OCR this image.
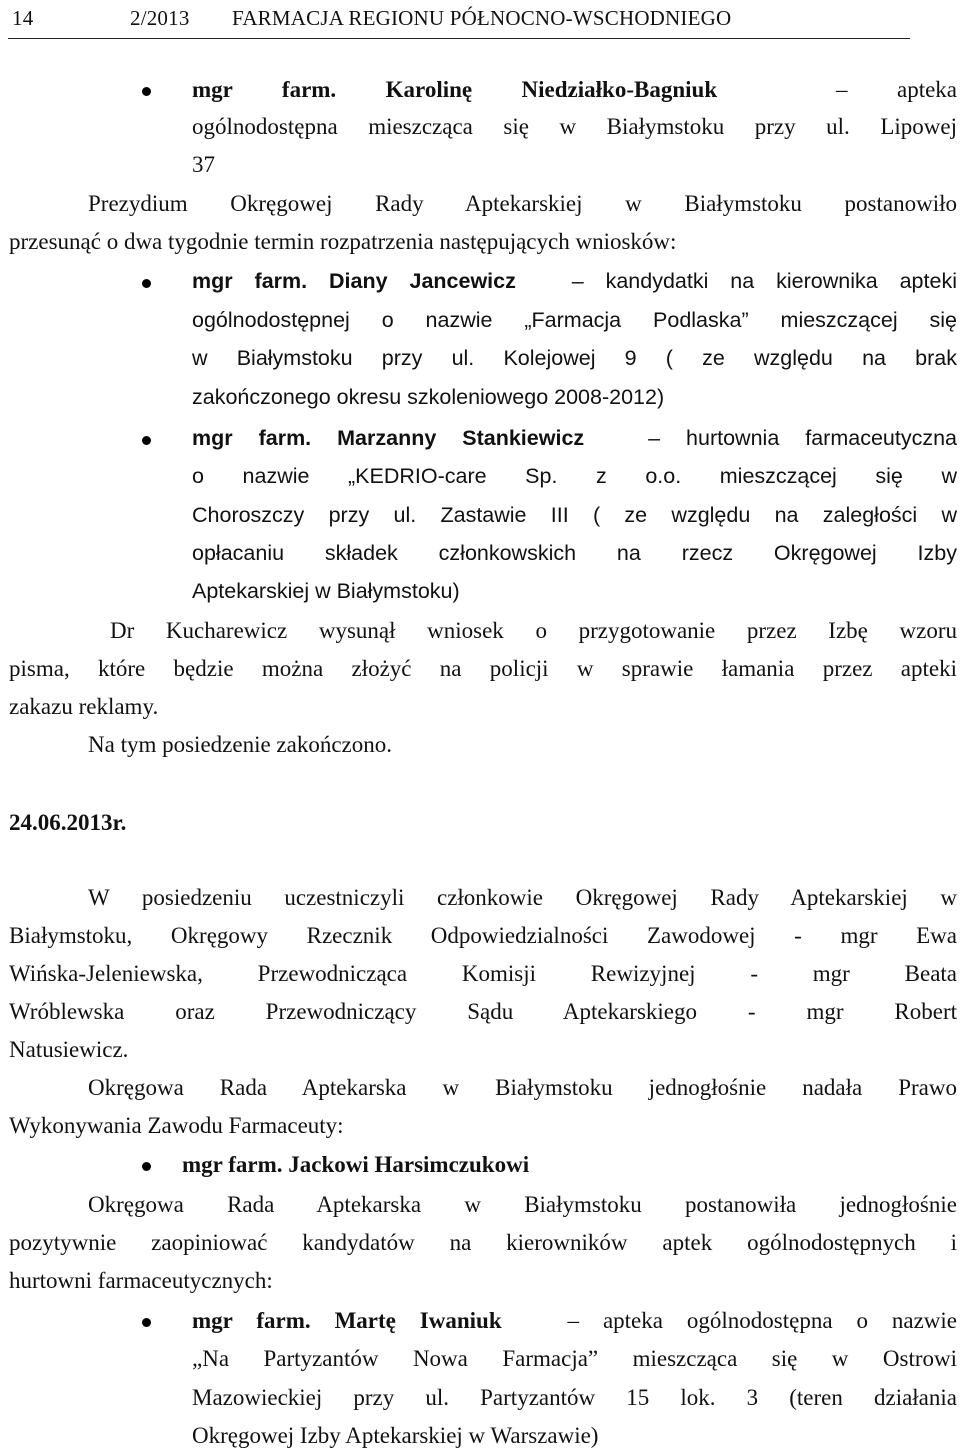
14	2/2013 FARMACJA REGIONU PÓŁNOCNO-WSCHODNIEGO
mgr farm. Karolinę Niedziałko-Bagniuk	– apteka
ogólnodostępna mieszcząca się w Białymstoku przy ul. Lipowej
37
Prezydium Okręgowej Rady Aptekarskiej w Białymstoku postanowiło
przesunąć o dwa tygodnie termin rozpatrzenia następujących wniosków:
mgr farm. Diany Jancewicz	– kandydatki na kierownika apteki
ogólnodostępnej o nazwie „Farmacja Podlaska” mieszczącej się
w Białymstoku przy ul. Kolejowej 9 ( ze względu na brak
zakończonego okresu szkoleniowego 2008-2012)
mgr farm. Marzanny Stankiewicz	– hurtownia farmaceutyczna
o nazwie „KEDRIO-care Sp. z o.o. mieszczącej się w
Choroszczy przy ul. Zastawie III ( ze względu na zaległości w
opłacaniu składek członkowskich na rzecz Okręgowej Izby
Aptekarskiej w Białymstoku)
Dr Kucharewicz wysunął wniosek o przygotowanie przez Izbę wzoru
pisma, które będzie można złożyć na policji w sprawie łamania przez apteki
zakazu reklamy.
Na tym posiedzenie zakończono.
24.06.2013r.
W posiedzeniu uczestniczyli członkowie Okręgowej Rady Aptekarskiej w
Białymstoku, Okręgowy Rzecznik Odpowiedzialności Zawodowej - mgr Ewa
Wińska-Jeleniewska, Przewodnicząca Komisji Rewizyjnej - mgr Beata
Wróblewska oraz Przewodniczący Sądu Aptekarskiego - mgr Robert
Natusiewicz.
Okręgowa Rada Aptekarska w Białymstoku jednogłośnie nadała Prawo
Wykonywania Zawodu Farmaceuty:
mgr farm. Jackowi Harsimczukowi
Okręgowa Rada Aptekarska w Białymstoku postanowiła jednogłośnie
pozytywnie zaopiniować kandydatów na kierowników aptek ogólnodostępnych i
hurtowni farmaceutycznych:
mgr farm. Martę Iwaniuk	– apteka ogólnodostępna o nazwie
„Na Partyzantów Nowa Farmacja” mieszcząca się w Ostrowi
Mazowieckiej przy ul. Partyzantów 15 lok. 3 (teren działania
Okręgowej Izby Aptekarskiej w Warszawie)
